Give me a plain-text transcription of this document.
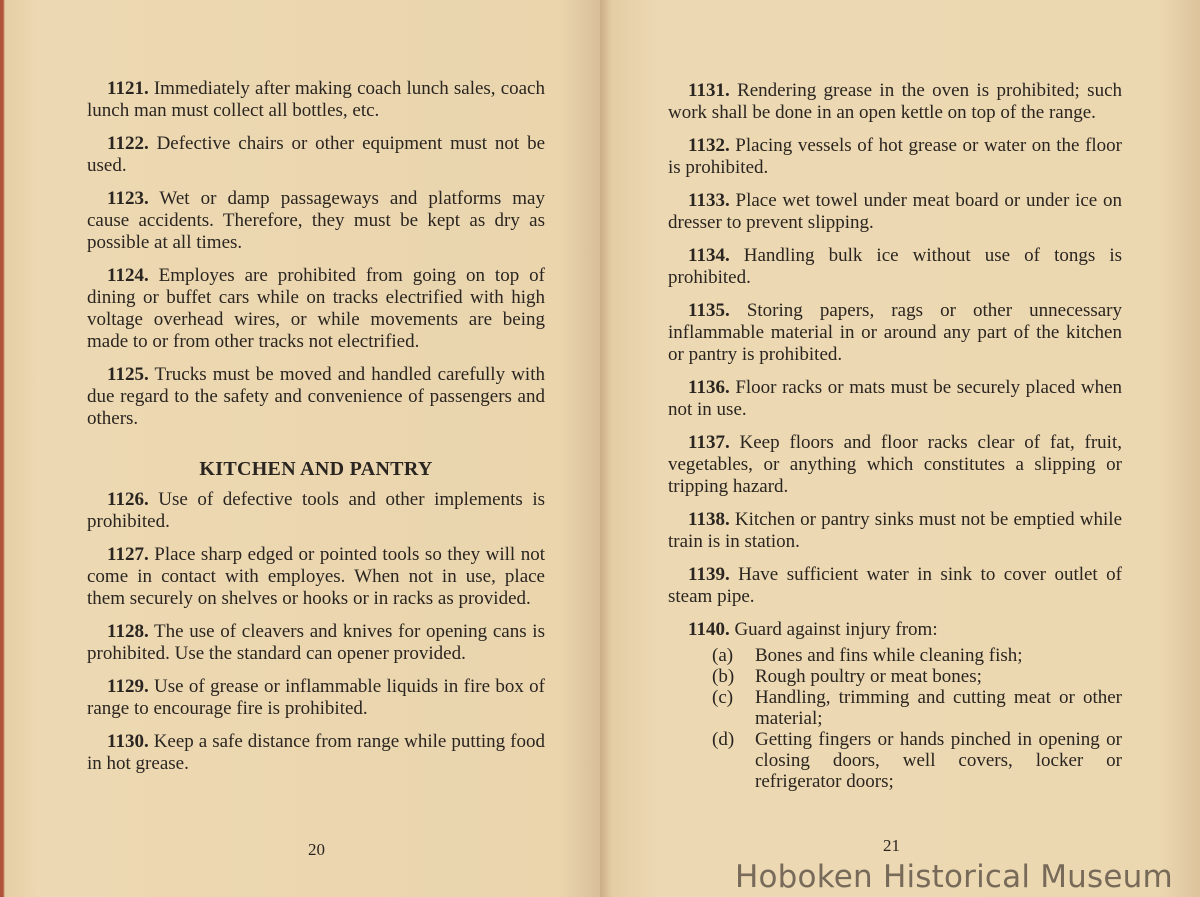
1121. Immediately after making coach lunch sales, coach lunch man must collect all bottles, etc.

1122. Defective chairs or other equipment must not be used.

1123. Wet or damp passageways and platforms may cause accidents. Therefore, they must be kept as dry as possible at all times.

1124. Employes are prohibited from going on top of dining or buffet cars while on tracks electrified with high voltage overhead wires, or while movements are being made to or from other tracks not electrified.

1125. Trucks must be moved and handled carefully with due regard to the safety and convenience of passengers and others.

KITCHEN AND PANTRY

1126. Use of defective tools and other implements is prohibited.

1127. Place sharp edged or pointed tools so they will not come in contact with employes. When not in use, place them securely on shelves or hooks or in racks as provided.

1128. The use of cleavers and knives for opening cans is prohibited. Use the standard can opener provided.

1129. Use of grease or inflammable liquids in fire box of range to encourage fire is prohibited.

1130. Keep a safe distance from range while putting food in hot grease.

20

1131. Rendering grease in the oven is prohibited; such work shall be done in an open kettle on top of the range.

1132. Placing vessels of hot grease or water on the floor is prohibited.

1133. Place wet towel under meat board or under ice on dresser to prevent slipping.

1134. Handling bulk ice without use of tongs is prohibited.

1135. Storing papers, rags or other unnecessary inflammable material in or around any part of the kitchen or pantry is prohibited.

1136. Floor racks or mats must be securely placed when not in use.

1137. Keep floors and floor racks clear of fat, fruit, vegetables, or anything which constitutes a slipping or tripping hazard.

1138. Kitchen or pantry sinks must not be emptied while train is in station.

1139. Have sufficient water in sink to cover outlet of steam pipe.

1140. Guard against injury from:

(a)	Bones and fins while cleaning fish;
(b)	Rough poultry or meat bones;
(c)	Handling, trimming and cutting meat or other material;
(d)	Getting fingers or hands pinched in opening or closing doors, well covers, locker or refrigerator doors;
21
Hoboken Historical Museum
